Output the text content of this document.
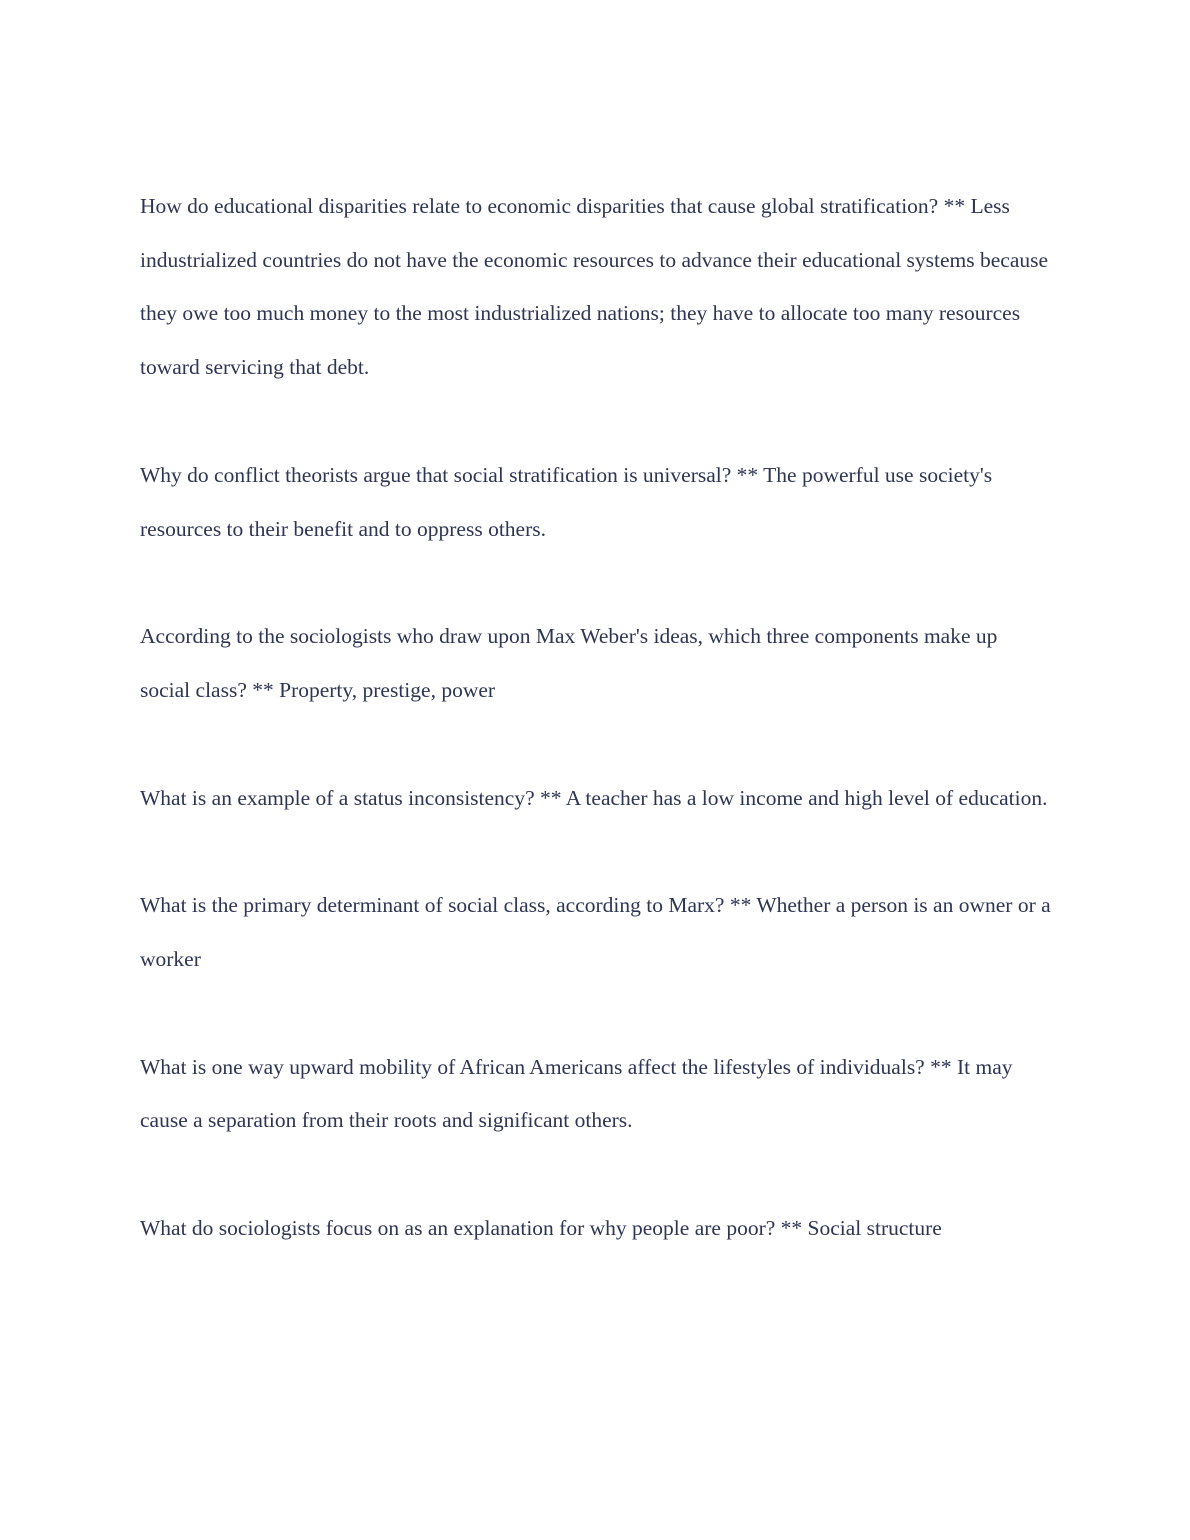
How do educational disparities relate to economic disparities that cause global stratification? ** Less industrialized countries do not have the economic resources to advance their educational systems because they owe too much money to the most industrialized nations; they have to allocate too many resources toward servicing that debt.

Why do conflict theorists argue that social stratification is universal? ** The powerful use society's resources to their benefit and to oppress others.

According to the sociologists who draw upon Max Weber's ideas, which three components make up social class? ** Property, prestige, power

What is an example of a status inconsistency? ** A teacher has a low income and high level of education.

What is the primary determinant of social class, according to Marx? ** Whether a person is an owner or a worker

What is one way upward mobility of African Americans affect the lifestyles of individuals? ** It may cause a separation from their roots and significant others.

What do sociologists focus on as an explanation for why people are poor? ** Social structure
